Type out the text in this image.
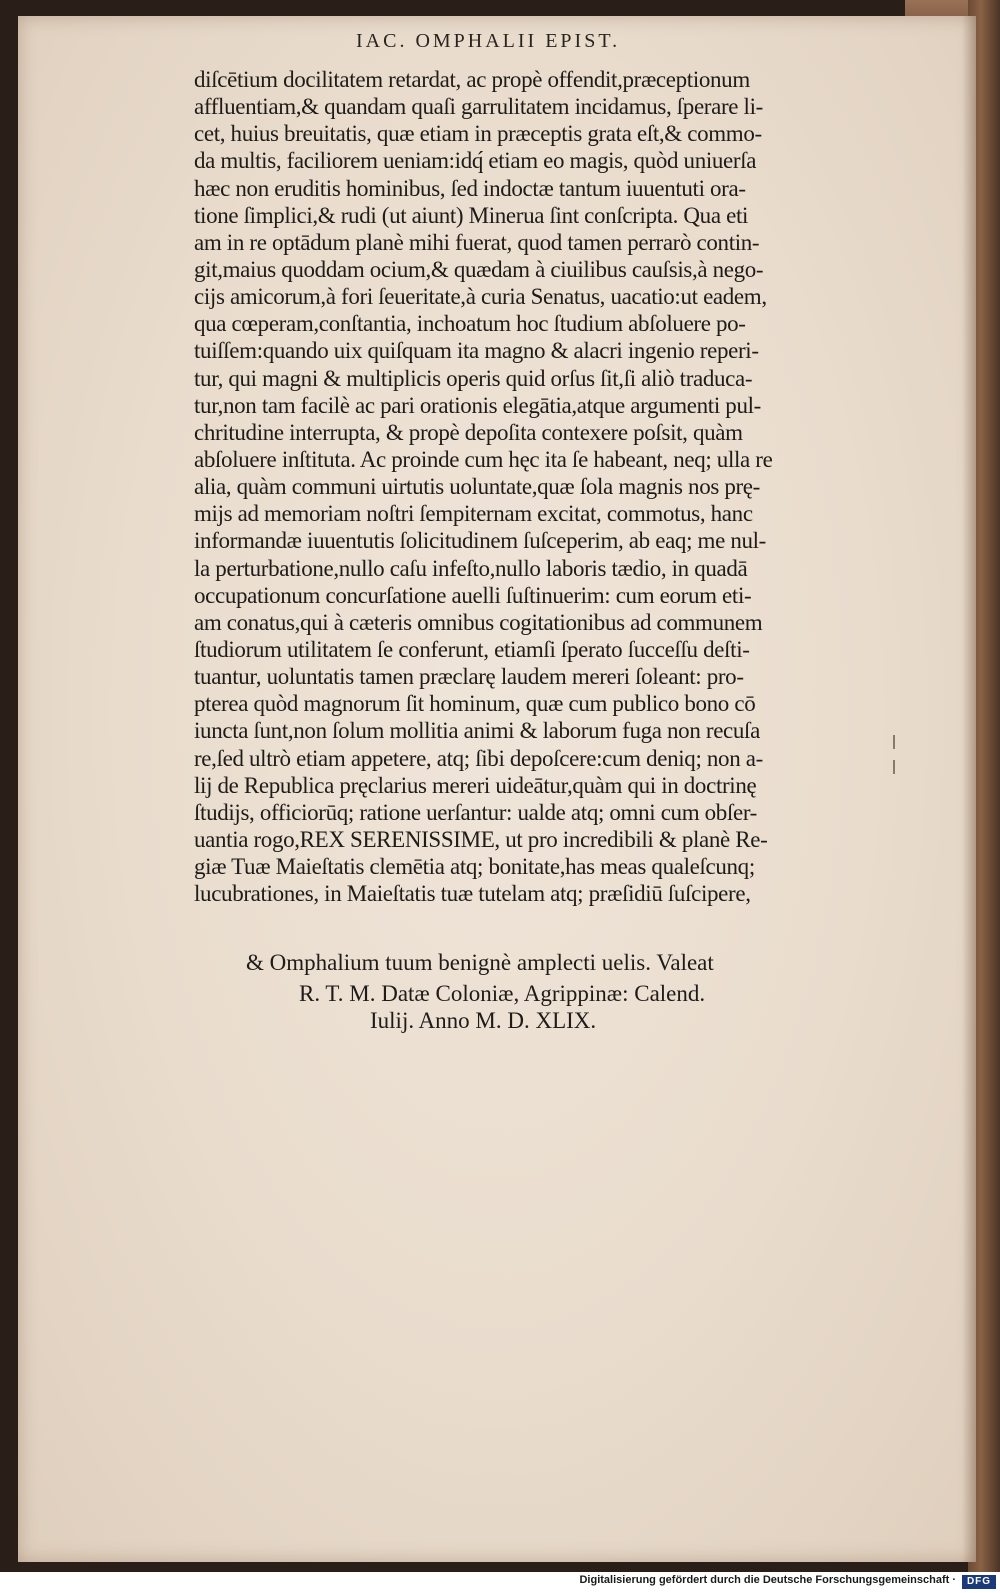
IAC. OMPHALII EPIST.
diſcētium docilitatem retardat, ac propè offendit,præceptionum
affluentiam,& quandam quaſi garrulitatem incidamus, ſperare li-
cet, huius breuitatis, quæ etiam in præceptis grata eſt,& commo-
da multis, faciliorem ueniam:idq́ etiam eo magis, quòd uniuerſa
hæc non eruditis hominibus, ſed indoctæ tantum iuuentuti ora-
tione ſimplici,& rudi (ut aiunt) Minerua ſint conſcripta. Qua eti
am in re optādum planè mihi fuerat, quod tamen perrarò contin-
git,maius quoddam ocium,& quædam à ciuilibus cauſsis,à nego-
cijs amicorum,à fori ſeueritate,à curia Senatus, uacatio:ut eadem,
qua cœperam,conſtantia, inchoatum hoc ſtudium abſoluere po-
tuiſſem:quando uix quiſquam ita magno & alacri ingenio reperi-
tur, qui magni & multiplicis operis quid orſus ſit,ſi aliò traduca-
tur,non tam facilè ac pari orationis elegātia,atque argumenti pul-
chritudine interrupta, & propè depoſita contexere poſsit, quàm
abſoluere inſtituta. Ac proinde cum hęc ita ſe habeant, neq; ulla re
alia, quàm communi uirtutis uoluntate,quæ ſola magnis nos prę-
mijs ad memoriam noſtri ſempiternam excitat, commotus, hanc
informandæ iuuentutis ſolicitudinem ſuſceperim, ab eaq; me nul-
la perturbatione,nullo caſu infeſto,nullo laboris tædio, in quadā
occupationum concurſatione auelli ſuſtinuerim: cum eorum eti-
am conatus,qui à cæteris omnibus cogitationibus ad communem
ſtudiorum utilitatem ſe conferunt, etiamſi ſperato ſucceſſu deſti-
tuantur, uoluntatis tamen præclarę laudem mereri ſoleant: pro-
pterea quòd magnorum ſit hominum, quæ cum publico bono cō
iuncta ſunt,non ſolum mollitia animi & laborum fuga non recuſa
re,ſed ultrò etiam appetere, atq; ſibi depoſcere:cum deniq; non a-
lij de Republica pręclarius mereri uideātur,quàm qui in doctrinę
ſtudijs, officiorūq; ratione uerſantur: ualde atq; omni cum obſer-
uantia rogo,REX SERENISSIME, ut pro incredibili & planè Re-
giæ Tuæ Maieſtatis clemētia atq; bonitate,has meas qualeſcunq;
lucubrationes, in Maieſtatis tuæ tutelam atq; præſidiū ſuſcipere,
& Omphalium tuum benignè amplecti uelis. Valeat
R. T. M. Datæ Coloniæ, Agrippinæ: Calend.
Iulij. Anno M. D. XLIX.
Digitalisierung gefördert durch die Deutsche Forschungsgemeinschaft ·	DFG
